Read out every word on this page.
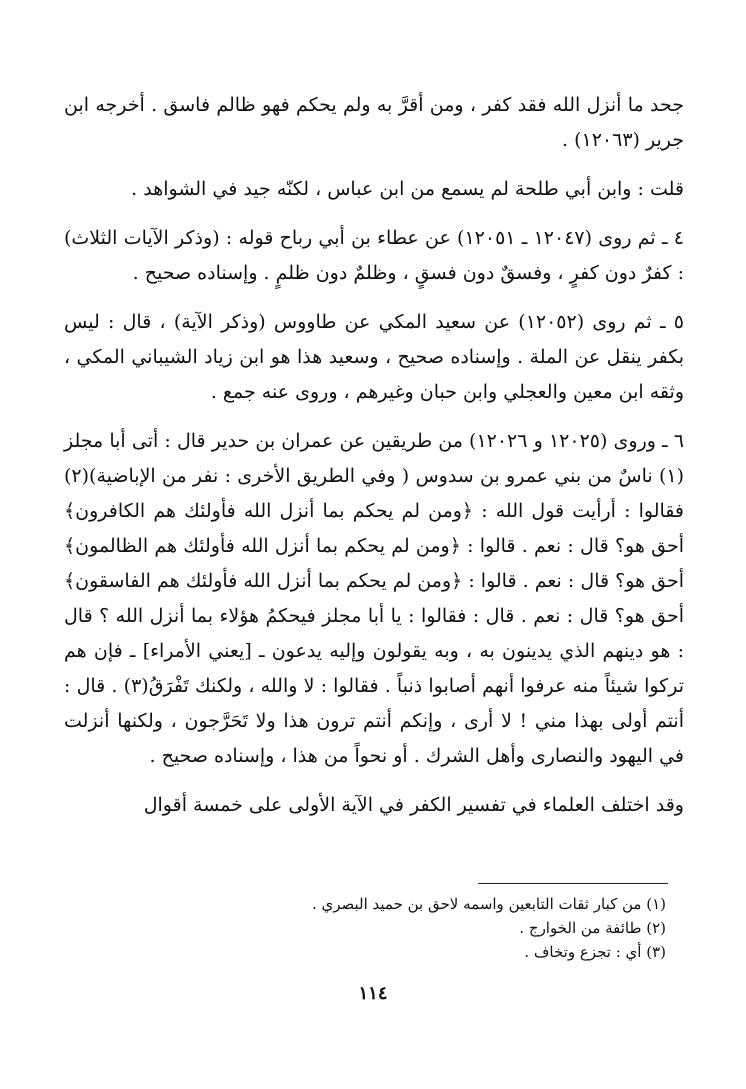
جحد ما أنزل الله فقد كفر ، ومن أقرَّ به ولم يحكم فهو ظالم فاسق . أخرجه ابن جرير (١٢٠٦٣) .

قلت : وابن أبي طلحة لم يسمع من ابن عباس ، لكنّه جيد في الشواهد .

٤ ـ ثم روى (١٢٠٤٧ ـ ١٢٠٥١) عن عطاء بن أبي رباح قوله : (وذكر الآيات الثلاث) : كفرٌ دون كفرٍ ، وفسقٌ دون فسقٍ ، وظلمٌ دون ظلمٍ . وإسناده صحيح .

٥ ـ ثم روى (١٢٠٥٢) عن سعيد المكي عن طاووس (وذكر الآية) ، قال : ليس بكفر ينقل عن الملة . وإسناده صحيح ، وسعيد هذا هو ابن زياد الشيباني المكي ، وثقه ابن معين والعجلي وابن حبان وغيرهم ، وروى عنه جمع .

٦ ـ وروى (١٢٠٢٥ و ١٢٠٢٦) من طريقين عن عمران بن حدير قال : أتى أبا مجلز (١) ناسٌ من بني عمرو بن سدوس ( وفي الطريق الأخرى : نفر من الإباضية)(٢) فقالوا : أرأيت قول الله : ﴿ومن لم يحكم بما أنزل الله فأولئك هم الكافرون﴾ أحق هو؟ قال : نعم . قالوا : ﴿ومن لم يحكم بما أنزل الله فأولئك هم الظالمون﴾ أحق هو؟ قال : نعم . قالوا : ﴿ومن لم يحكم بما أنزل الله فأولئك هم الفاسقون﴾ أحق هو؟ قال : نعم . قال : فقالوا : يا أبا مجلز فيحكمُ هؤلاء بما أنزل الله ؟ قال : هو دينهم الذي يدينون به ، وبه يقولون وإليه يدعون ـ [يعني الأمراء] ـ فإن هم تركوا شيئاً منه عرفوا أنهم أصابوا ذنباً . فقالوا : لا والله ، ولكنك تَفْرَقُ(٣) . قال : أنتم أولى بهذا مني ! لا أرى ، وإنكم أنتم ترون هذا ولا تَحَرَّجون ، ولكنها أنزلت في اليهود والنصارى وأهل الشرك . أو نحواً من هذا ، وإسناده صحيح .

وقد اختلف العلماء في تفسير الكفر في الآية الأولى على خمسة أقوال

(١) من كبار ثقات التابعين واسمه لاحق بن حميد البصري .

(٢) طائفة من الخوارج .

(٣) أي : تجزع وتخاف .

١١٤
